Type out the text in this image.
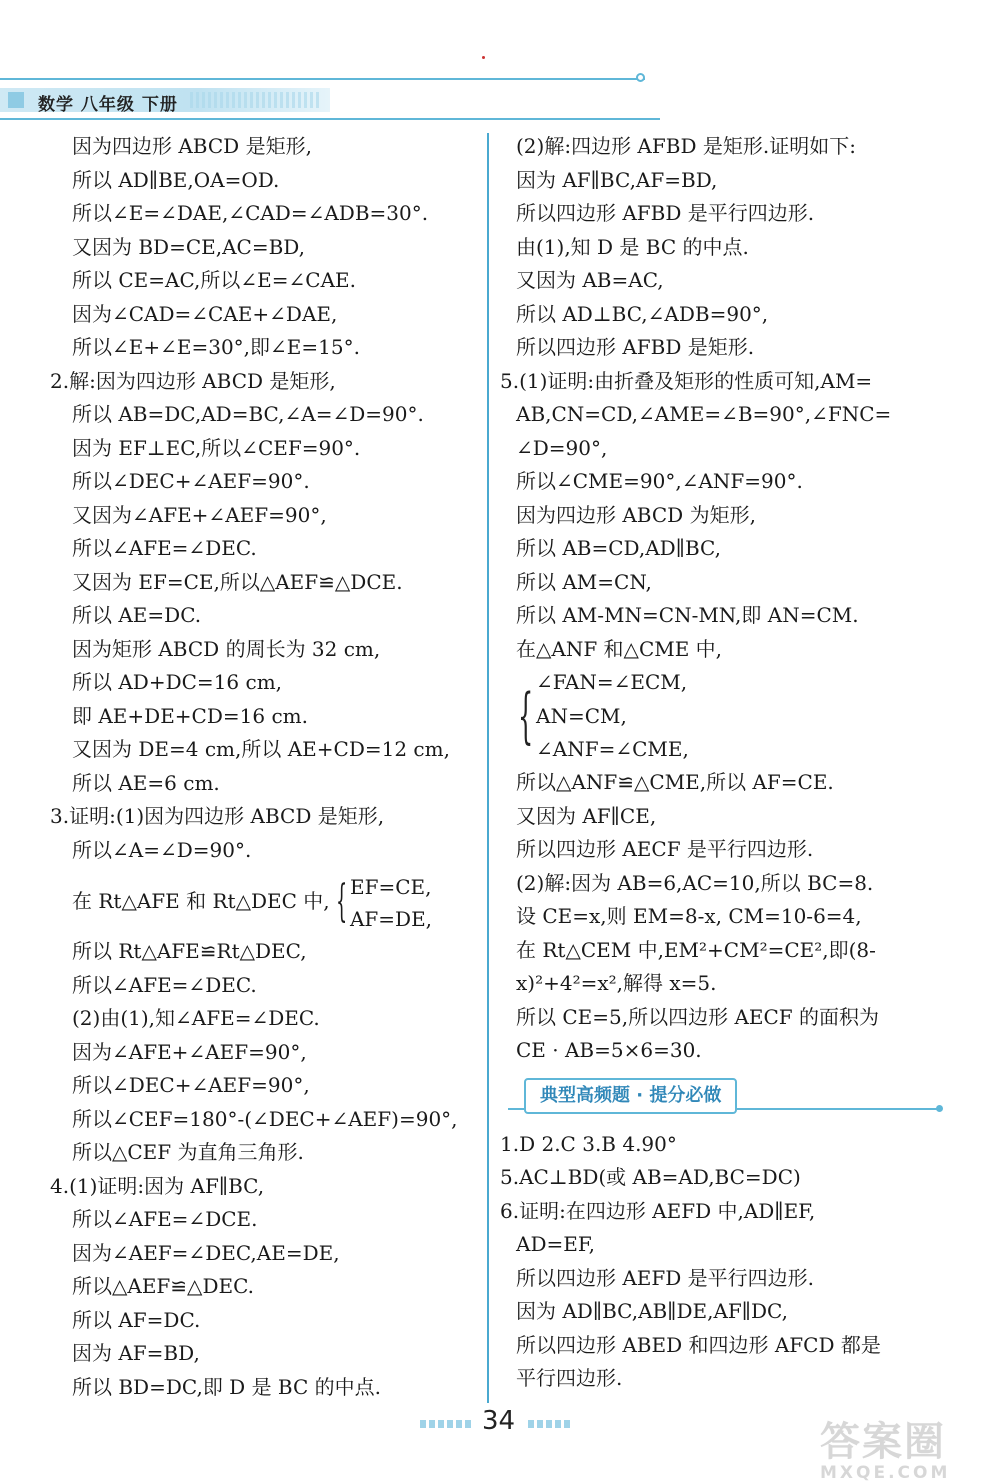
数学 八年级 下册
因为四边形 ABCD 是矩形,
所以 AD∥BE,OA=OD.
所以∠E=∠DAE,∠CAD=∠ADB=30°.
又因为 BD=CE,AC=BD,
所以 CE=AC,所以∠E=∠CAE.
因为∠CAD=∠CAE+∠DAE,
所以∠E+∠E=30°,即∠E=15°.
2.解:因为四边形 ABCD 是矩形,
所以 AB=DC,AD=BC,∠A=∠D=90°.
因为 EF⊥EC,所以∠CEF=90°.
所以∠DEC+∠AEF=90°.
又因为∠AFE+∠AEF=90°,
所以∠AFE=∠DEC.
又因为 EF=CE,所以△AEF≌△DCE.
所以 AE=DC.
因为矩形 ABCD 的周长为 32 cm,
所以 AD+DC=16 cm,
即 AE+DE+CD=16 cm.
又因为 DE=4 cm,所以 AE+CD=12 cm,
所以 AE=6 cm.
3.证明:(1)因为四边形 ABCD 是矩形,
所以∠A=∠D=90°.
在 Rt△AFE 和 Rt△DEC 中, { EF=CE,
AF=DE,
所以 Rt△AFE≌Rt△DEC,
所以∠AFE=∠DEC.
(2)由(1),知∠AFE=∠DEC.
因为∠AFE+∠AEF=90°,
所以∠DEC+∠AEF=90°,
所以∠CEF=180°-(∠DEC+∠AEF)=90°,
所以△CEF 为直角三角形.
4.(1)证明:因为 AF∥BC,
所以∠AFE=∠DCE.
因为∠AEF=∠DEC,AE=DE,
所以△AEF≌△DEC.
所以 AF=DC.
因为 AF=BD,
所以 BD=DC,即 D 是 BC 的中点.
(2)解:四边形 AFBD 是矩形.证明如下:
因为 AF∥BC,AF=BD,
所以四边形 AFBD 是平行四边形.
由(1),知 D 是 BC 的中点.
又因为 AB=AC,
所以 AD⊥BC,∠ADB=90°,
所以四边形 AFBD 是矩形.
5.(1)证明:由折叠及矩形的性质可知,AM=
AB,CN=CD,∠AME=∠B=90°,∠FNC=
∠D=90°,
所以∠CME=90°,∠ANF=90°.
因为四边形 ABCD 为矩形,
所以 AB=CD,AD∥BC,
所以 AM=CN,
所以 AM-MN=CN-MN,即 AN=CM.
在△ANF 和△CME 中,
{ ∠FAN=∠ECM,
AN=CM,
∠ANF=∠CME,
所以△ANF≌△CME,所以 AF=CE.
又因为 AF∥CE,
所以四边形 AECF 是平行四边形.
(2)解:因为 AB=6,AC=10,所以 BC=8.
设 CE=x,则 EM=8-x, CM=10-6=4,
在 Rt△CEM 中,EM²+CM²=CE²,即(8-
x)²+4²=x²,解得 x=5.
所以 CE=5,所以四边形 AECF 的面积为
CE · AB=5×6=30.
典型高频题 · 提分必做
1.D 2.C 3.B 4.90°
5.AC⊥BD(或 AB=AD,BC=DC)
6.证明:在四边形 AEFD 中,AD∥EF,
AD=EF,
所以四边形 AEFD 是平行四边形.
因为 AD∥BC,AB∥DE,AF∥DC,
所以四边形 ABED 和四边形 AFCD 都是
平行四边形.
34	答案圈
MXQE.COM
